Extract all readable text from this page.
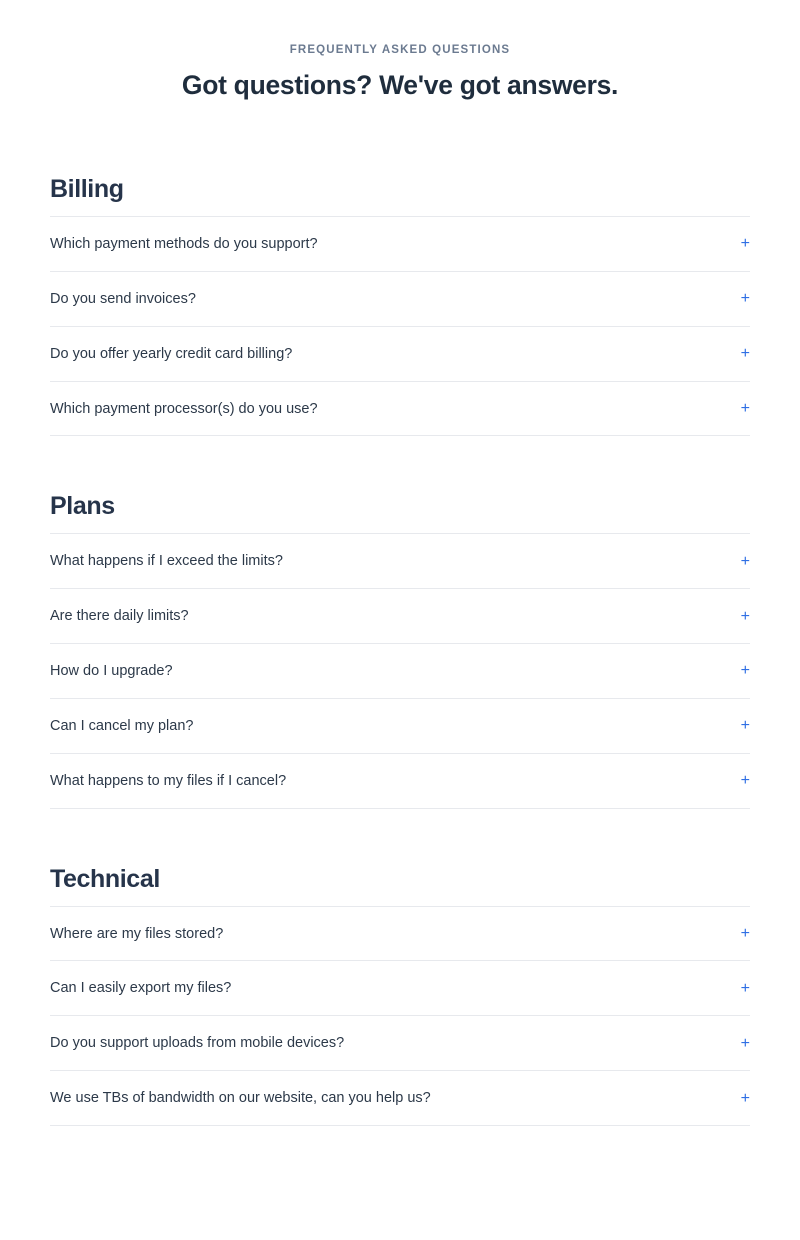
FREQUENTLY ASKED QUESTIONS
Got questions? We've got answers.
Billing
Which payment methods do you support?	+
Do you send invoices?	+
Do you offer yearly credit card billing?	+
Which payment processor(s) do you use?	+
Plans
What happens if I exceed the limits?	+
Are there daily limits?	+
How do I upgrade?	+
Can I cancel my plan?	+
What happens to my files if I cancel?	+
Technical
Where are my files stored?	+
Can I easily export my files?	+
Do you support uploads from mobile devices?	+
We use TBs of bandwidth on our website, can you help us?	+
